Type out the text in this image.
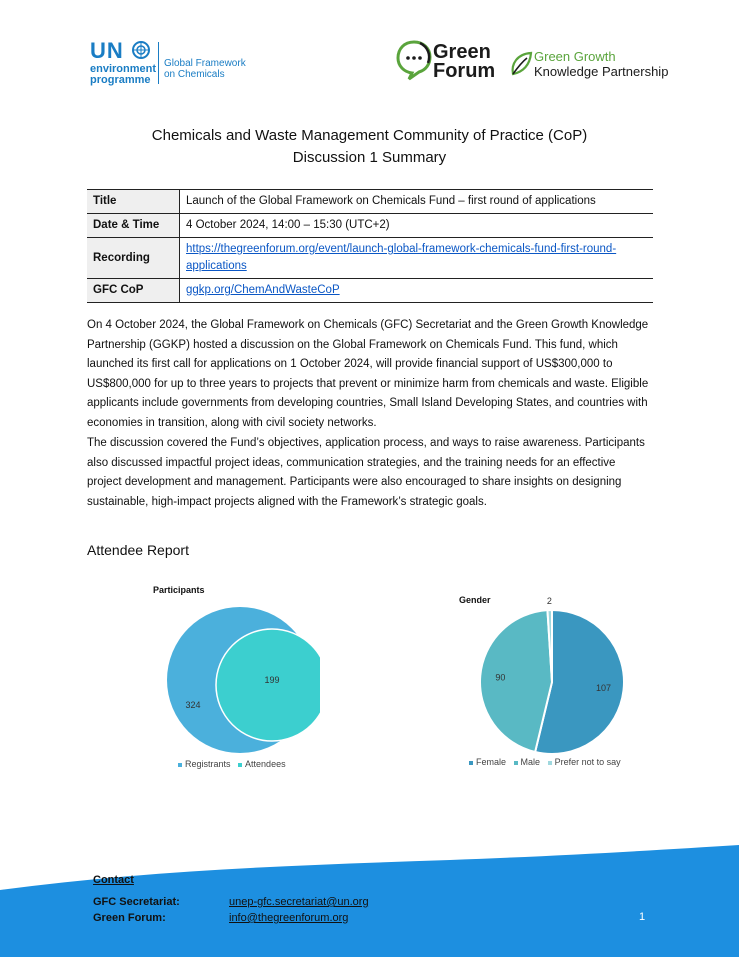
UN
environment
programme
Global Framework
on Chemicals
Green
Forum
Green Growth
Knowledge Partnership
Chemicals and Waste Management Community of Practice (CoP)
Discussion 1 Summary
Title	Launch of the Global Framework on Chemicals Fund – first round of applications
Date & Time	4 October 2024, 14:00 – 15:30 (UTC+2)
Recording	https://thegreenforum.org/event/launch-global-framework-chemicals-fund-first-round-applications
GFC CoP	ggkp.org/ChemAndWasteCoP
On 4 October 2024, the Global Framework on Chemicals (GFC) Secretariat and the Green Growth Knowledge Partnership (GGKP) hosted a discussion on the Global Framework on Chemicals Fund. This fund, which launched its first call for applications on 1 October 2024, will provide financial support of US$300,000 to US$800,000 for up to three years to projects that prevent or minimize harm from chemicals and waste. Eligible applicants include governments from developing countries, Small Island Developing States, and countries with economies in transition, along with civil society networks.
The discussion covered the Fund’s objectives, application process, and ways to raise awareness. Participants also discussed impactful project ideas, communication strategies, and the training needs for an effective project development and management. Participants were also encouraged to share insights on designing sustainable, high-impact projects aligned with the Framework’s strategic goals.
Attendee Report
Participants
324
199
Registrants Attendees
Gender
107
90
2
Female Male Prefer not to say
Contact
GFC Secretariat:	unep-gfc.secretariat@un.org
Green Forum:	info@thegreenforum.org	1
